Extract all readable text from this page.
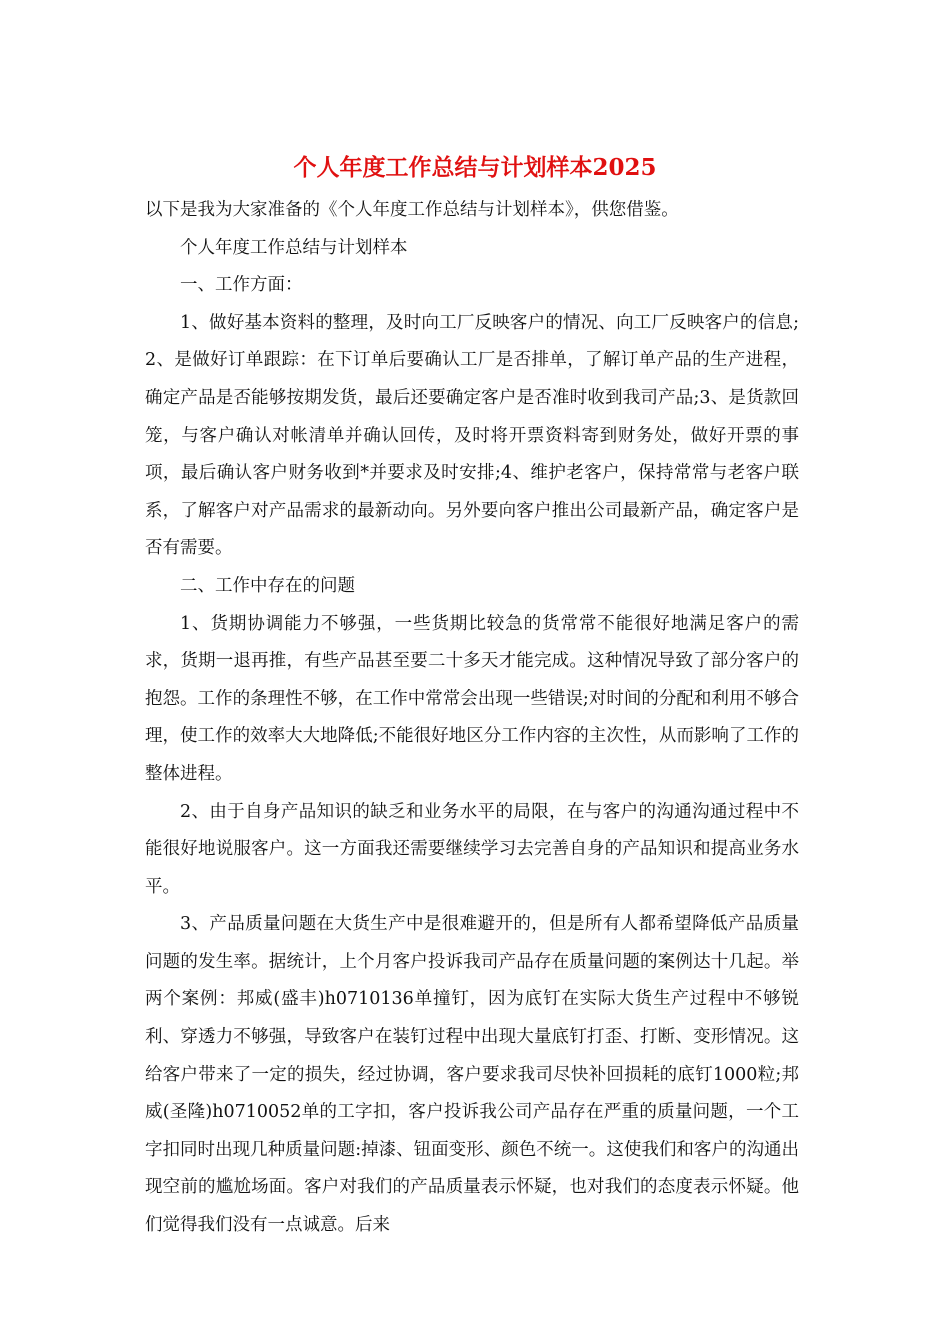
个人年度工作总结与计划样本2025

以下是我为大家准备的《个人年度工作总结与计划样本》，供您借鉴。

个人年度工作总结与计划样本

一、工作方面：

1、做好基本资料的整理，及时向工厂反映客户的情况、向工厂反映客户的信息;2、是做好订单跟踪：在下订单后要确认工厂是否排单，了解订单产品的生产进程，确定产品是否能够按期发货，最后还要确定客户是否准时收到我司产品;3、是货款回笼，与客户确认对帐清单并确认回传，及时将开票资料寄到财务处，做好开票的事项，最后确认客户财务收到*并要求及时安排;4、维护老客户，保持常常与老客户联系，了解客户对产品需求的最新动向。另外要向客户推出公司最新产品，确定客户是否有需要。

二、工作中存在的问题

1、货期协调能力不够强，一些货期比较急的货常常不能很好地满足客户的需求，货期一退再推，有些产品甚至要二十多天才能完成。这种情况导致了部分客户的抱怨。工作的条理性不够，在工作中常常会出现一些错误;对时间的分配和利用不够合理，使工作的效率大大地降低;不能很好地区分工作内容的主次性，从而影响了工作的整体进程。

2、由于自身产品知识的缺乏和业务水平的局限，在与客户的沟通沟通过程中不能很好地说服客户。这一方面我还需要继续学习去完善自身的产品知识和提高业务水平。

3、产品质量问题在大货生产中是很难避开的，但是所有人都希望降低产品质量问题的发生率。据统计，上个月客户投诉我司产品存在质量问题的案例达十几起。举两个案例：邦威(盛丰)h0710136单撞钉，因为底钉在实际大货生产过程中不够锐利、穿透力不够强，导致客户在装钉过程中出现大量底钉打歪、打断、变形情况。这给客户带来了一定的损失，经过协调，客户要求我司尽快补回损耗的底钉1000粒;邦威(圣隆)h0710052单的工字扣，客户投诉我公司产品存在严重的质量问题，一个工字扣同时出现几种质量问题:掉漆、钮面变形、颜色不统一。这使我们和客户的沟通出现空前的尴尬场面。客户对我们的产品质量表示怀疑，也对我们的态度表示怀疑。他们觉得我们没有一点诚意。后来
